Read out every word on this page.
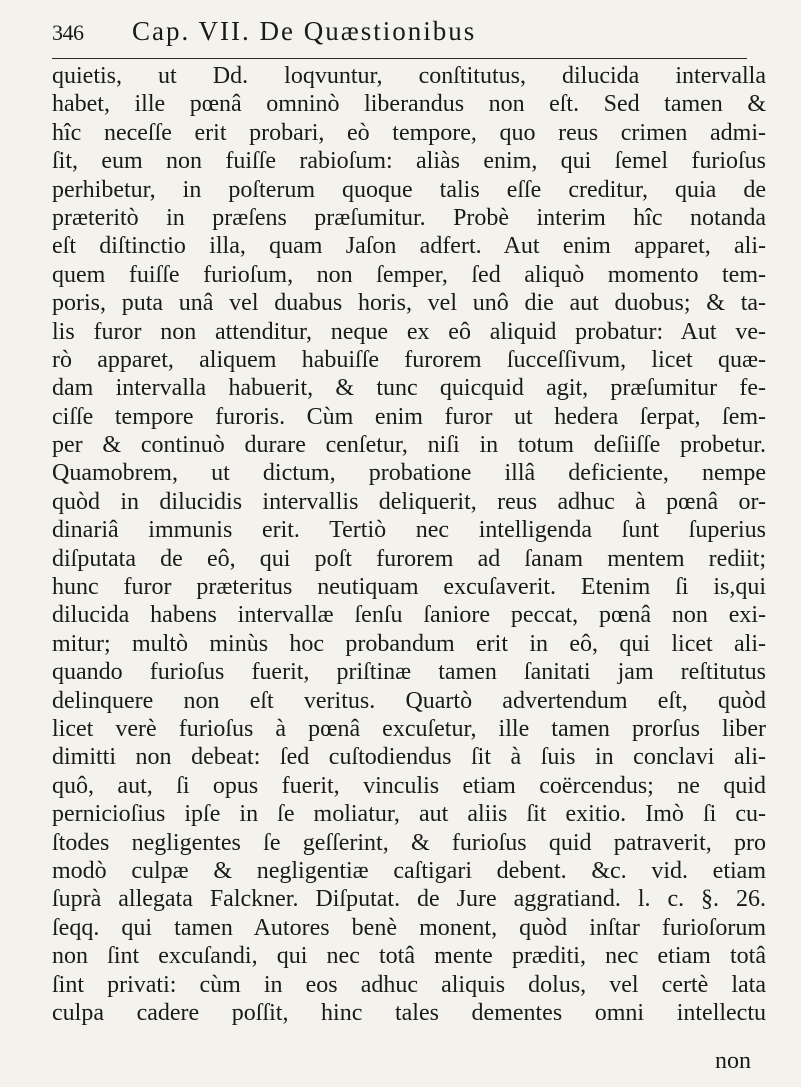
346 Cap. VII. De Quæstionibus
quietis, ut Dd. loqvuntur, conſtitutus, dilucida intervalla
habet, ille pœnâ omninò liberandus non eſt. Sed tamen &
hîc neceſſe erit probari, eò tempore, quo reus crimen admi-
ſit, eum non fuiſſe rabioſum: aliàs enim, qui ſemel furioſus
perhibetur, in poſterum quoque talis eſſe creditur, quia de
præteritò in præſens præſumitur. Probè interim hîc notanda
eſt diſtinctio illa, quam Jaſon adfert. Aut enim apparet, ali-
quem fuiſſe furioſum, non ſemper, ſed aliquò momento tem-
poris, puta unâ vel duabus horis, vel unô die aut duobus; & ta-
lis furor non attenditur, neque ex eô aliquid probatur: Aut ve-
rò apparet, aliquem habuiſſe furorem ſucceſſivum, licet quæ-
dam intervalla habuerit, & tunc quicquid agit, præſumitur fe-
ciſſe tempore furoris. Cùm enim furor ut hedera ſerpat, ſem-
per & continuò durare cenſetur, niſi in totum deſiiſſe probetur.
Quamobrem, ut dictum, probatione illâ deficiente, nempe
quòd in dilucidis intervallis deliquerit, reus adhuc à pœnâ or-
dinariâ immunis erit. Tertiò nec intelligenda ſunt ſuperius
diſputata de eô, qui poſt furorem ad ſanam mentem rediit;
hunc furor præteritus neutiquam excuſaverit. Etenim ſi is,qui
dilucida habens intervallæ ſenſu ſaniore peccat, pœnâ non exi-
mitur; multò minùs hoc probandum erit in eô, qui licet ali-
quando furioſus fuerit, priſtinæ tamen ſanitati jam reſtitutus
delinquere non eſt veritus. Quartò advertendum eſt, quòd
licet verè furioſus à pœnâ excuſetur, ille tamen prorſus liber
dimitti non debeat: ſed cuſtodiendus ſit à ſuis in conclavi ali-
quô, aut, ſi opus fuerit, vinculis etiam coërcendus; ne quid
pernicioſius ipſe in ſe moliatur, aut aliis ſit exitio. Imò ſi cu-
ſtodes negligentes ſe geſſerint, & furioſus quid patraverit, pro
modò culpæ & negligentiæ caſtigari debent. &c. vid. etiam
ſuprà allegata Falckner. Diſputat. de Jure aggratiand. l. c. §. 26.
ſeqq. qui tamen Autores benè monent, quòd inſtar furioſorum
non ſint excuſandi, qui nec totâ mente præditi, nec etiam totâ
ſint privati: cùm in eos adhuc aliquis dolus, vel certè lata
culpa cadere poſſit, hinc tales dementes omni intellectu
non
